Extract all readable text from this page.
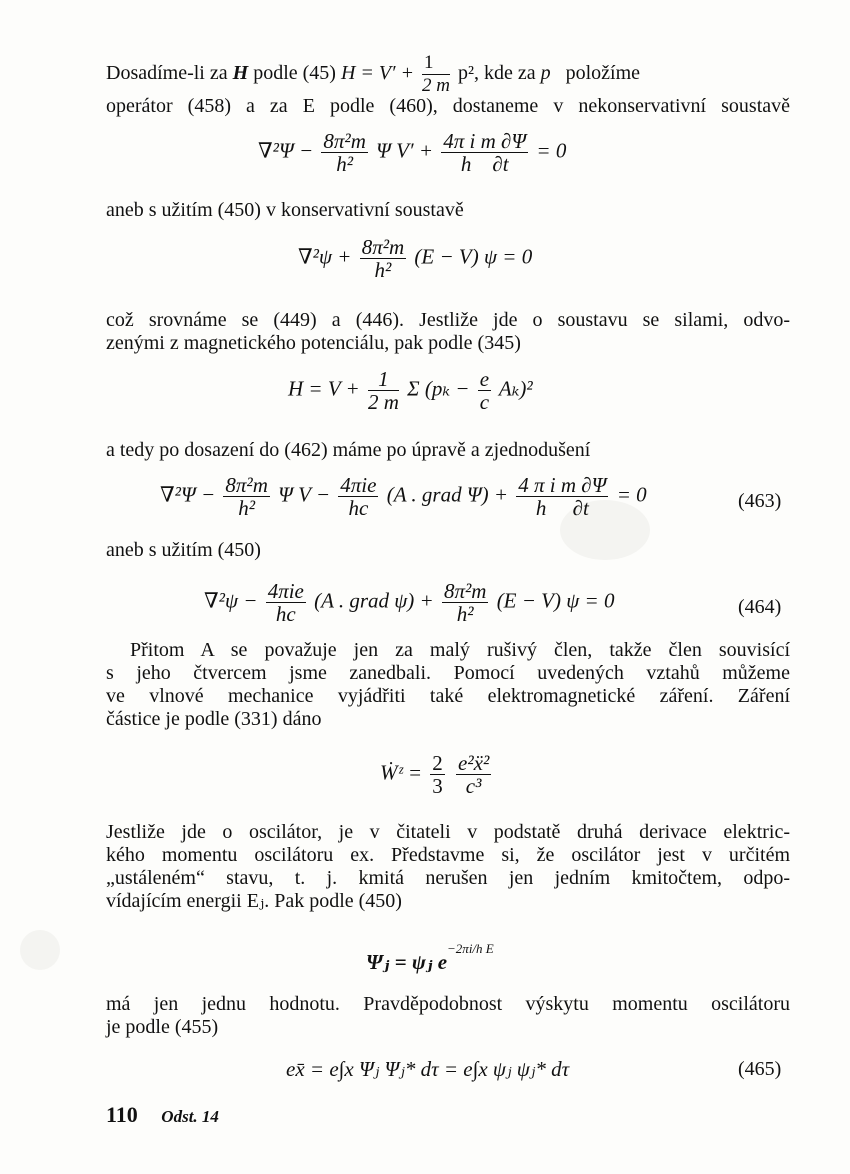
Dosadíme-li za H podle (45) $H = V' + \frac{1}{2 m} p^2$, kde za p položíme
operátor (458) a za E podle (460), dostaneme v nekonservativní soustavě
$\nabla^2\Psi - \frac{\text{8π²m}}{\text{h²}}$ Ψ $V' + \frac{\text{4π i m ∂Ψ}}{h \partial t} = 0$
aneb s užitím (450) v konservativní soustavě
$\nabla^2\psi + \frac{\text{8π²m}}{\text{h²}} (E - V) \psi = 0$
což srovnáme se (449) a (446). Jestliže jde o soustavu se silami, odvo-
zenými z magnetického potenciálu, pak podle (345)
$H = V + \frac{1}{2 m}$ Σ $(p_k - \frac{e}{c} A_k)^2$
a tedy po dosazení do (462) máme po úpravě a zjednodušení
$\nabla^2\Psi - \frac{\text{8π²m}}{\text{h²}}$ Ψ $V - \frac{\text{4πie}}{hc} (A$ . grad $\Psi) + \frac{\text{4 π i m ∂Ψ}}{h \partial t} = 0$	(463)
aneb s užitím (450)
$\nabla^2\psi - \frac{\text{4πie}}{hc} (A$ . grad $\psi) + \frac{\text{8π²m}}{\text{h²}} (E - V) \psi = 0$	(464)
Přitom A se považuje jen za malý rušivý člen, takže člen souvisící
s jeho čtvercem jsme zanedbali. Pomocí uvedených vztahů můžeme
ve vlnové mechanice vyjádřiti také elektromagnetické záření. Záření
částice je podle (331) dáno
Ẇᶻ = $\frac{2}{3}$
$\frac{\text{e²ẍ²}}{\text{c³}}$
Jestliže jde o oscilátor, je v čitateli v podstatě druhá derivace elektric-
kého momentu oscilátoru ex. Představme si, že oscilátor jest v určitém
„ustáleném“ stavu, t. j. kmitá nerušen jen jedním kmitočtem, odpo-
vídajícím energii Eⱼ. Pak podle (450)
Ψⱼ = ψⱼ $e^{-2\pi i/h E}$
má jen jednu hodnotu. Pravděpodobnost výskytu momentu oscilátoru
je podle (455)
ex̄ = e∫x Ψⱼ Ψⱼ* dτ = e∫x ψⱼ ψⱼ* dτ	(465)
110 Odst. 14
